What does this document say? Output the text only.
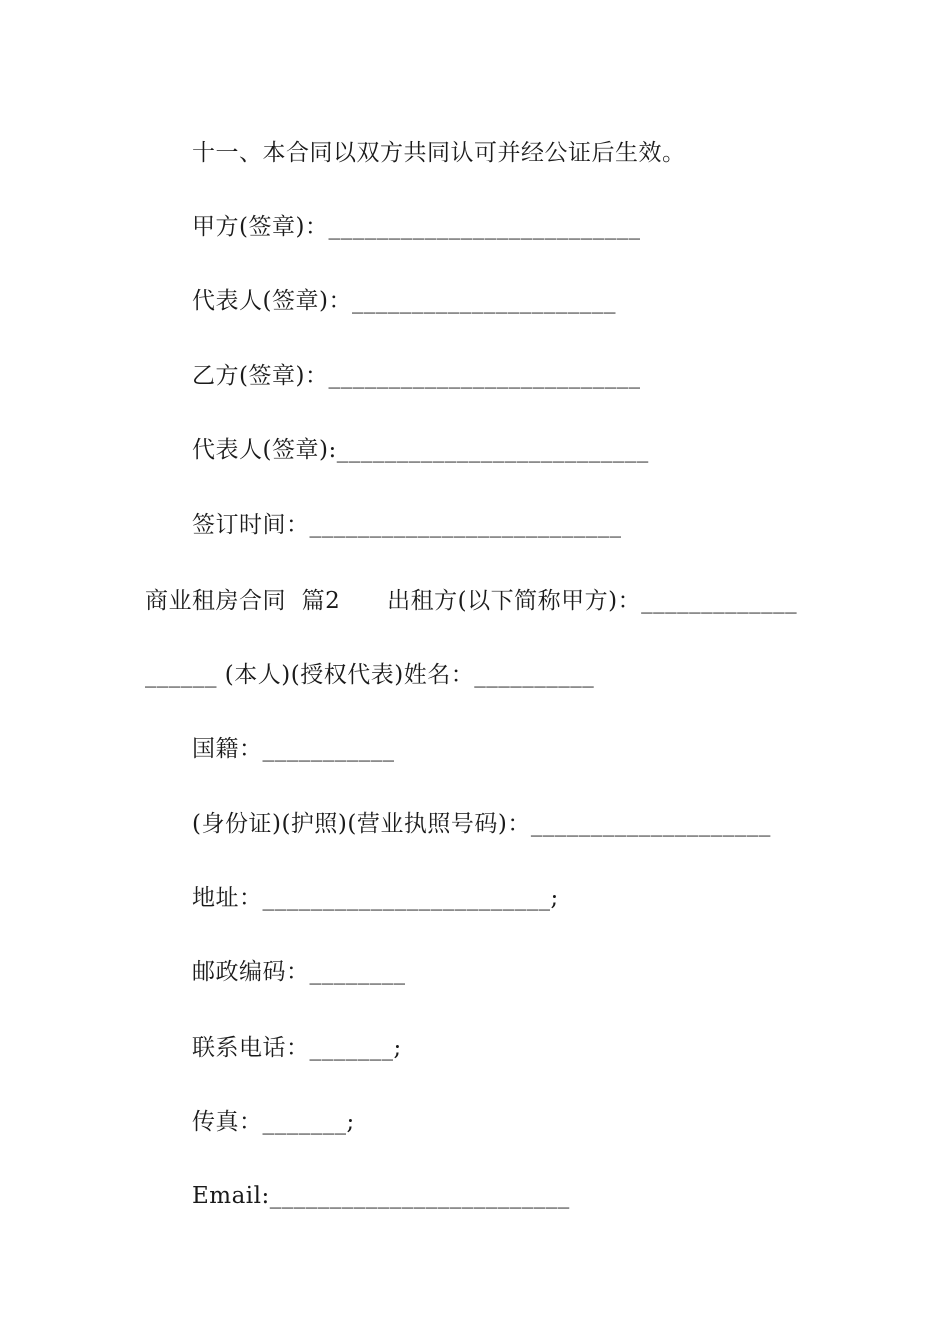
十一、本合同以双方共同认可并经公证后生效。
甲方(签章)：__________________________
代表人(签章)：______________________
乙方(签章)：__________________________
代表人(签章):__________________________
签订时间：__________________________
商业租房合同  篇2      出租方(以下简称甲方)：_____________
______ (本人)(授权代表)姓名：__________
国籍：___________
(身份证)(护照)(营业执照号码)：____________________
地址：________________________;
邮政编码：________
联系电话：_______;
传真：_______;
Email:_________________________
